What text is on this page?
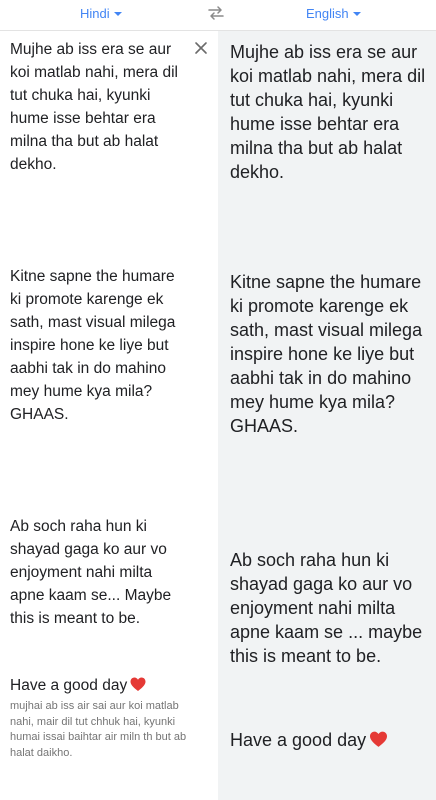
Hindi	English

Mujhe ab iss era se aur koi matlab nahi, mera dil tut chuka hai, kyunki hume isse behtar era milna tha but ab halat dekho.

Kitne sapne the humare ki promote karenge ek sath, mast visual milega inspire hone ke liye but aabhi tak in do mahino mey hume kya mila? GHAAS.

Ab soch raha hun ki shayad gaga ko aur vo enjoyment nahi milta apne kaam se... Maybe this is meant to be.

Have a good day

mujhai ab iss air sai aur koi matlab nahi, mair dil tut chhuk hai, kyunki humai issai baihtar air miln th but ab halat daikho.

Mujhe ab iss era se aur koi matlab nahi, mera dil tut chuka hai, kyunki hume isse behtar era milna tha but ab halat dekho.

Kitne sapne the humare ki promote karenge ek sath, mast visual milega inspire hone ke liye but aabhi tak in do mahino mey hume kya mila? GHAAS.

Ab soch raha hun ki shayad gaga ko aur vo enjoyment nahi milta apne kaam se ... maybe this is meant to be.

Have a good day
